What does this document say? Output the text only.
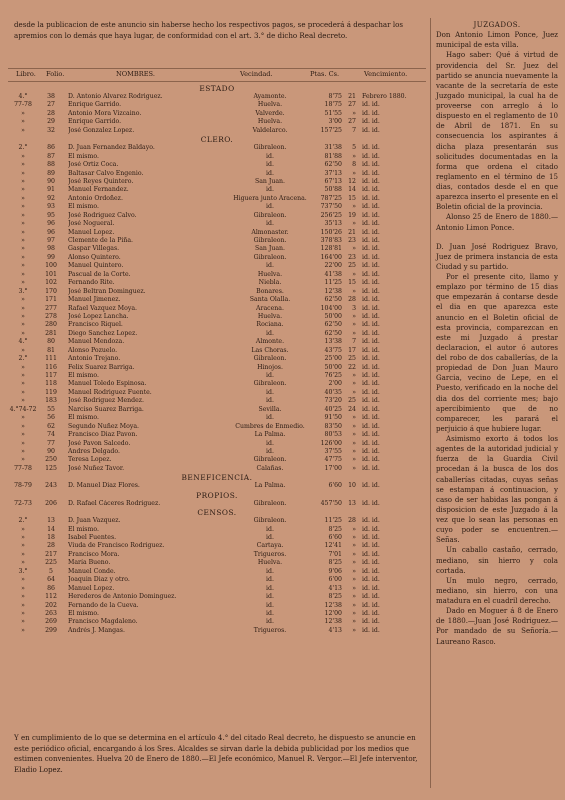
desde la publicacion de este anuncio sin haberse hecho los respectivos pagos, se procederá á despachar los apremios con lo demás que haya lugar, de conformidad con el art. 3.° de dicho Real decreto.
Libro. Folio.	NOMBRES.	Vecindad.	Ptas. Cs.	Vencimiento.
ESTADO
4.°	38	D. Antonio Alvarez Rodriguez.	Ayamonte.	8'75 21 Febrero 1880.
77-78	27	Enrique Garrido.	Huelva.	18'75 27 id. id.
»	28	Antonio Mora Vizcaino.	Valverde.	51'55	» id. id.
»	29	Enrique Garrido.	Huelva.	3'00 27 id. id.
»	32	José Gonzalez Lopez.	Valdelarco.	157'25	7 id. id.
CLERO.
2.°	86	D. Juan Fernandez Baldayo.	Gibraleon.	31'38	5 id. id.
»	87	El mismo.	id.	81'88	» id. id.
»	88	José Ortiz Coca.	id.	62'50	8 id. id.
»	89	Baltasar Calvo Engenio.	id.	37'13	» id. id.
»	90	José Reyes Quintero.	San Juan.	67'13 12 id. id.
»	91	Manuel Fernandez.	id.	50'88 14 id. id.
»	92	Antonio Ordoñez.	Higuera junto Aracena.	787'25 15 id. id.
»	93	El mismo.	id.	737'50	» id. id.
»	95	José Rodriguez Calvo.	Gibraleon.	256'25 19 id. id.
»	96	José Nogueral.	id.	35'13	» id. id.
»	96	Manuel Lopez.	Almonaster.	150'26 21 id. id.
»	97	Clemente de la Piña.	Gibraleon.	378'83 23 id. id.
»	98	Gaspar Villegas.	San Juan.	128'81	» id. id.
»	99	Alonso Quintero.	Gibraleon.	164'00 23 id. id.
»	100	Manuel Quintero.	id.	22'00 25 id. id.
»	101	Pascual de la Corte.	Huelva.	41'38	» id. id.
»	102	Fernando Rite.	Niebla.	11'25 15 id. id.
3.°	170	José Beltran Dominguez.	Bonares.	12'38	» id. id.
»	171	Manuel Jimenez.	Santa Olalla.	62'50 28 id. id.
»	277	Rafael Vazquez Moya.	Aracena.	104'00	3 id. id.
»	278	José Lopez Lancha.	Huelva.	50'00	» id. id.
»	280	Francisco Riquel.	Rociana.	62'50	» id. id.
»	281	Diego Sanchez Lopez.	id.	62'50	» id. id.
4.°	80	Manuel Mendoza.	Almonte.	13'38	7 id. id.
»	81	Alonso Pozuelo.	Las Choras.	43'75 17 id. id.
2.°	111	Antonio Trejano.	Gibraleon.	25'00 25 id. id.
»	116	Felix Suarez Barriga.	Hinojos.	50'00 22 id. id.
»	117	El mismo.	id.	76'25	» id. id.
»	118	Manuel Toledo Espinosa.	Gibraleon.	2'00	» id. id.
»	119	Manuel Rodriguez Fuente.	id.	40'35	» id. id.
»	183	José Rodriguez Mendez.	id.	73'20 25 id. id.
4.°74-72	55	Narciso Suarez Barriga.	Sevilla.	40'25 24 id. id.
»	56	El mismo.	id.	91'50	» id. id.
»	62	Segundo Nuñez Moya.	Cumbres de Enmedio.	83'50	» id. id.
»	74	Francisco Diaz Pavon.	La Palma.	80'53	» id. id.
»	77	José Pavon Salcedo.	id.	126'00	» id. id.
»	90	Andres Delgado.	id.	37'55	» id. id.
»	250	Teresa Lopez.	Gibraleon.	47'75	» id. id.
77-78	125	José Nuñez Tavor.	Calañas.	17'00	» id. id.
BENEFICENCIA.
78-79	243	D. Manuel Diaz Flores.	La Palma.	6'60 10 id. id.
PROPIOS.
72-73	206	D. Rafael Cáceres Rodriguez.	Gibraleon.	457'50 13 id. id.
CENSOS.
2.°	13	D. Juan Vazquez.	Gibraleon.	11'25 28 id. id.
»	14	El mismo.	id.	8'25	» id. id.
»	18	Isabel Fuentes.	id.	6'60	» id. id.
»	28	Viuda de Francisco Rodriguez.	Cartaya.	12'41	» id. id.
»	217	Francisco Mora.	Trigueros.	7'01	» id. id.
»	225	María Bueno.	Huelva.	8'25	» id. id.
3.°	5	Manuel Conde.	id.	9'06	» id. id.
»	64	Joaquin Diaz y otro.	id.	6'00	» id. id.
»	86	Manuel Lopez.	id.	4'13	» id. id.
»	112	Herederos de Antonio Dominguez.	id.	8'25	» id. id.
»	202	Fernando de la Cueva.	id.	12'38	» id. id.
»	263	El mismo.	id.	12'00	» id. id.
»	269	Francisco Magdaleno.	id.	12'38	» id. id.
»	299	Andrés J. Mangas.	Trigueros.	4'13	» id. id.
Y en cumplimiento de lo que se determina en el artículo 4.° del citado Real decreto, he dispuesto se anuncie en este periódico oficial, encargando á los Sres. Alcaldes se sirvan darle la debida publicidad por los medios que estimen convenientes. Huelva 20 de Enero de 1880.—El Jefe económico, Manuel R. Vergor.—El Jefe interventor, Eladio Lopez.
JUZGADOS.

Don Antonio Limon Ponce, Juez municipal de esta villa.

Hago saber: Qué á virtud de providencia del Sr. Juez del partido se anuncia nuevamente la vacante de la secretaría de este Juzgado municipal, la cual ha de proveerse con arreglo á lo dispuesto en el reglamento de 10 de Abril de 1871. En su consecuencia los aspirantes á dicha plaza presentarán sus solicitudes documentadas en la forma que ordena el citado reglamento en el término de 15 dias, contados desde el en que aparezca inserto el presente en el Boletin oficial de la provincia.

Alonso 25 de Enero de 1880.—Antonio Limon Ponce.

D. Juan José Rodriguez Bravo, Juez de primera instancia de esta Ciudad y su partido.

Por el presente cito, llamo y emplazo por término de 15 dias que empezarán á contarse desde el dia en que aparezca este anuncio en el Boletin oficial de esta provincia, comparezcan en este mi Juzgado á prestar declaracion, el autor ó autores del robo de dos caballerías, de la propiedad de Don Juan Mauro Garcia, vecino de Lepe, en el Puesto, verificado en la noche del dia dos del corriente mes; bajo apercibimiento que de no comparecer, les parará el perjuicio á que hubiere lugar.

Asimismo exorto á todos los agentes de la autoridad judicial y fuerza de la Guardia Civil procedan á la busca de los dos caballerías citadas, cuyas señas se estampan á continuacion, y caso de ser habidas las pongan á disposicion de este Juzgado á la vez que lo sean las personas en cuyo poder se encuentren.—Señas.

Un caballo castaño, cerrado, mediano, sin hierro y cola cortada.

Un mulo negro, cerrado, mediano, sin hierro, con una matadura en el cuadril derecho.

Dado en Moguer á 8 de Enero de 1880.—Juan José Rodriguez.—Por mandado de su Señoría.—Laureano Rasco.
